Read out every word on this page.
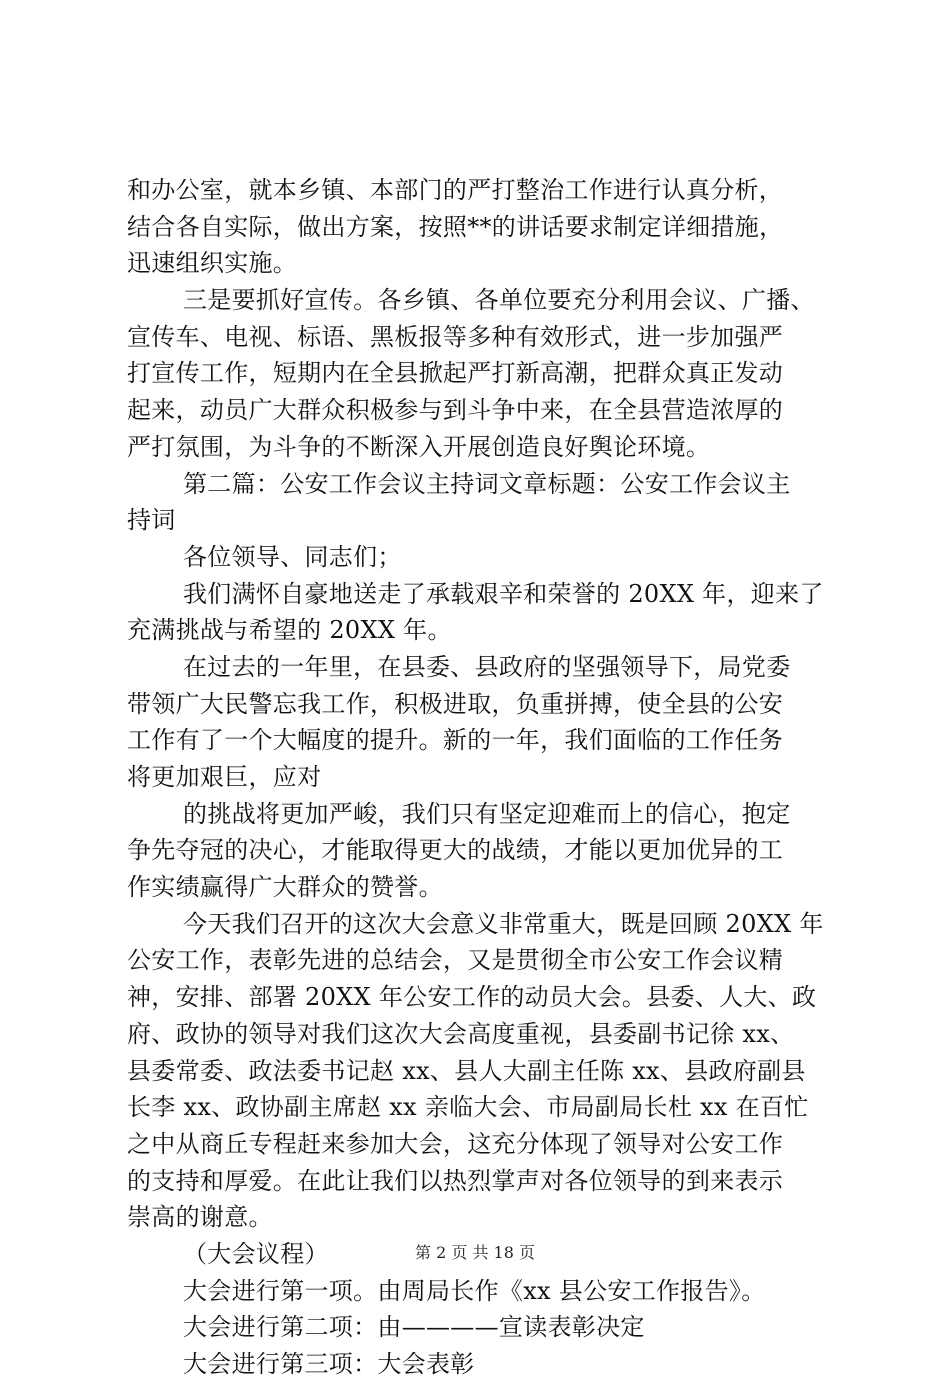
和办公室，就本乡镇、本部门的严打整治工作进行认真分析，
结合各自实际，做出方案，按照**的讲话要求制定详细措施，
迅速组织实施。
三是要抓好宣传。各乡镇、各单位要充分利用会议、广播、
宣传车、电视、标语、黑板报等多种有效形式，进一步加强严
打宣传工作，短期内在全县掀起严打新高潮，把群众真正发动
起来，动员广大群众积极参与到斗争中来，在全县营造浓厚的
严打氛围，为斗争的不断深入开展创造良好舆论环境。
第二篇：公安工作会议主持词文章标题：公安工作会议主
持词
各位领导、同志们；
我们满怀自豪地送走了承载艰辛和荣誉的 20XX 年，迎来了
充满挑战与希望的 20XX 年。
在过去的一年里，在县委、县政府的坚强领导下，局党委
带领广大民警忘我工作，积极进取，负重拼搏，使全县的公安
工作有了一个大幅度的提升。新的一年，我们面临的工作任务
将更加艰巨，应对
的挑战将更加严峻，我们只有坚定迎难而上的信心，抱定
争先夺冠的决心，才能取得更大的战绩，才能以更加优异的工
作实绩赢得广大群众的赞誉。
今天我们召开的这次大会意义非常重大，既是回顾 20XX 年
公安工作，表彰先进的总结会，又是贯彻全市公安工作会议精
神，安排、部署 20XX 年公安工作的动员大会。县委、人大、政
府、政协的领导对我们这次大会高度重视，县委副书记徐 xx、
县委常委、政法委书记赵 xx、县人大副主任陈 xx、县政府副县
长李 xx、政协副主席赵 xx 亲临大会、市局副局长杜 xx 在百忙
之中从商丘专程赶来参加大会，这充分体现了领导对公安工作
的支持和厚爱。在此让我们以热烈掌声对各位领导的到来表示
崇高的谢意。
（大会议程）
大会进行第一项。由周局长作《xx 县公安工作报告》。
大会进行第二项：由————宣读表彰决定
大会进行第三项：大会表彰
第 2 页 共 18 页
